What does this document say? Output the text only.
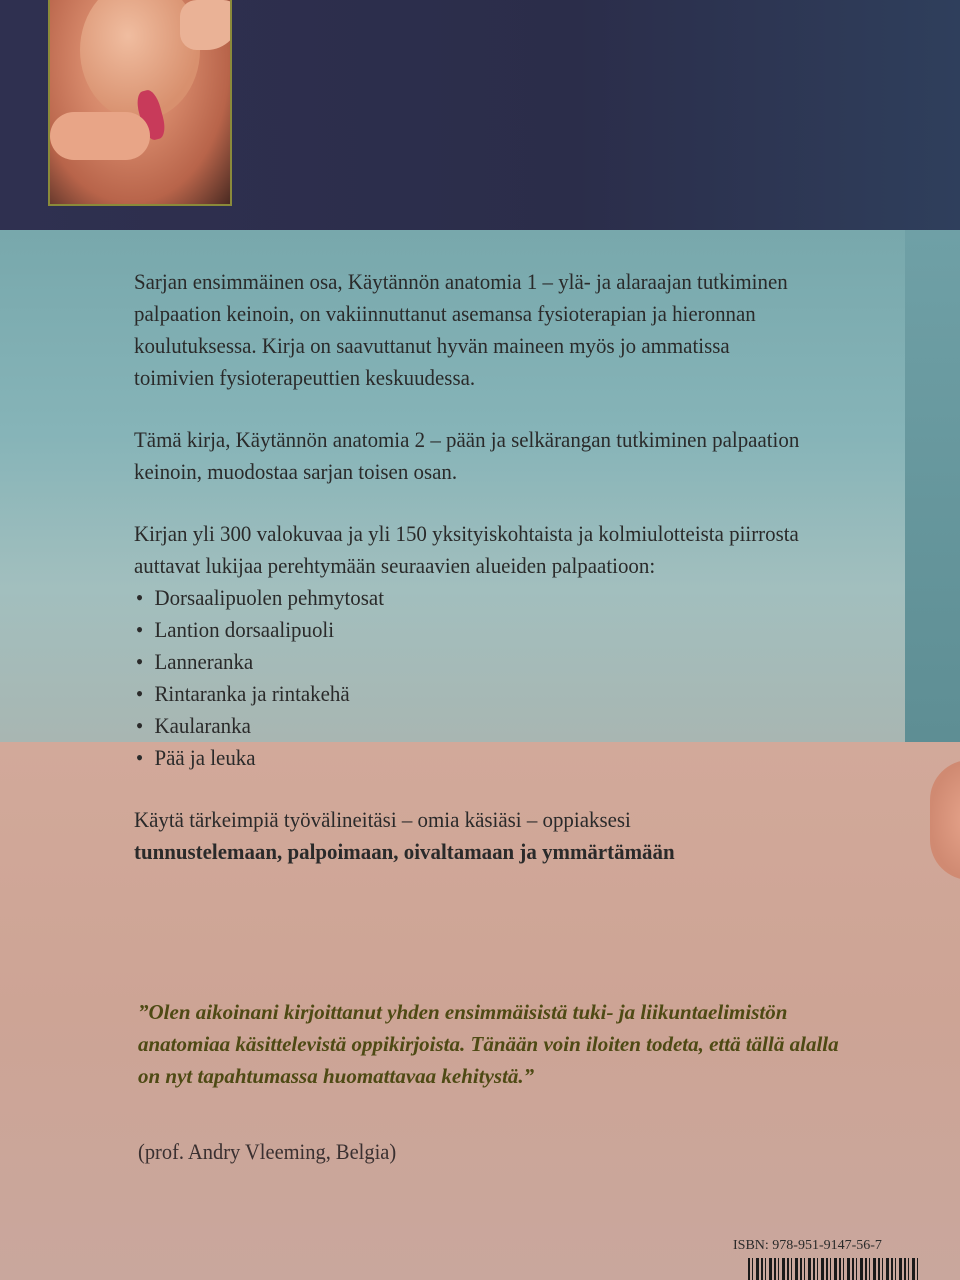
Sarjan ensimmäinen osa, Käytännön anatomia 1 – ylä- ja alaraajan tutkiminen palpaation keinoin, on vakiinnuttanut asemansa fysioterapian ja hieronnan koulutuksessa. Kirja on saavuttanut hyvän maineen myös jo ammatissa toimivien fysioterapeuttien keskuudessa.

Tämä kirja, Käytännön anatomia 2 – pään ja selkärangan tutkiminen palpaation keinoin, muodostaa sarjan toisen osan.

Kirjan yli 300 valokuvaa ja yli 150 yksityiskohtaista ja kolmiulotteista piirrosta auttavat lukijaa perehtymään seuraavien alueiden palpaatioon:

• Dorsaalipuolen pehmytosat
• Lantion dorsaalipuoli
• Lanneranka
• Rintaranka ja rintakehä
• Kaularanka
• Pää ja leuka

Käytä tärkeimpiä työvälineitäsi – omia käsiäsi – oppiaksesi
tunnustelemaan, palpoimaan, oivaltamaan ja ymmärtämään

”Olen aikoinani kirjoittanut yhden ensimmäisistä tuki- ja liikuntaelimistön anatomiaa käsittelevistä oppikirjoista. Tänään voin iloiten todeta, että tällä alalla on nyt tapahtumassa huomattavaa kehitystä.”
(prof. Andry Vleeming, Belgia)
ISBN: 978-951-9147-56-7
